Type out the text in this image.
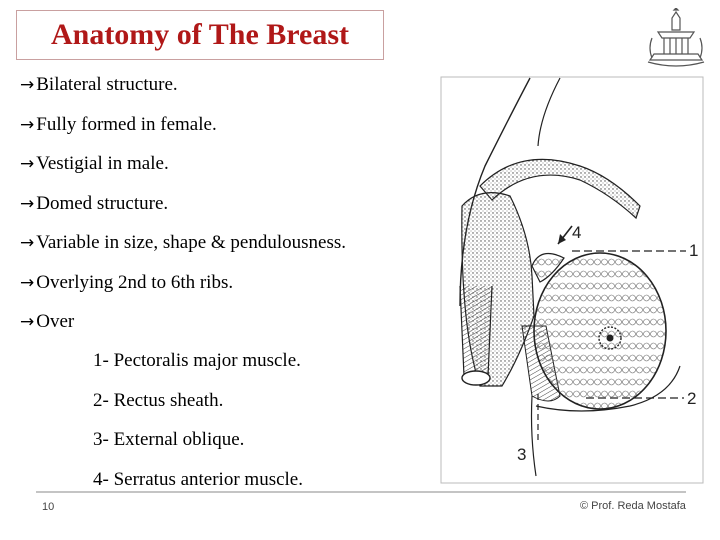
Anatomy of The Breast
→ Bilateral structure.
→ Fully formed in female.
→ Vestigial in male.
→ Domed structure.
→ Variable in size, shape & pendulousness.
→ Overlying 2nd to 6th ribs.
→ Over
1- Pectoralis major muscle.
2- Rectus sheath.
3- External oblique.
4- Serratus anterior muscle.
1
2
3
4
10	© Prof. Reda Mostafa
